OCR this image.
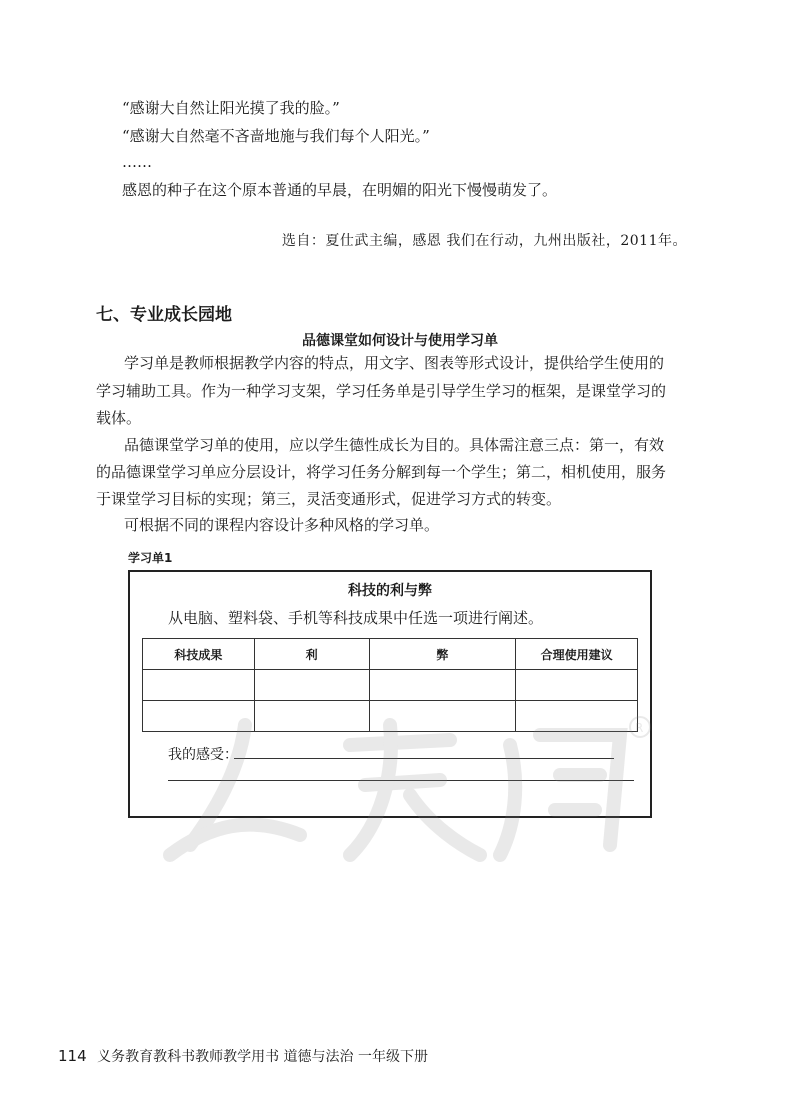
“感谢大自然让阳光摸了我的脸。”
“感谢大自然毫不吝啬地施与我们每个人阳光。”
……
感恩的种子在这个原本普通的早晨，在明媚的阳光下慢慢萌发了。
选自：夏仕武主编，感恩 我们在行动，九州出版社，2011年。
七、专业成长园地
品德课堂如何设计与使用学习单
学习单是教师根据教学内容的特点，用文字、图表等形式设计，提供给学生使用的
学习辅助工具。作为一种学习支架，学习任务单是引导学生学习的框架，是课堂学习的
载体。
品德课堂学习单的使用，应以学生德性成长为目的。具体需注意三点：第一，有效
的品德课堂学习单应分层设计，将学习任务分解到每一个学生；第二，相机使用，服务
于课堂学习目标的实现；第三，灵活变通形式，促进学习方式的转变。
可根据不同的课程内容设计多种风格的学习单。
学习单1
科技的利与弊
从电脑、塑料袋、手机等科技成果中任选一项进行阐述。
科技成果	利	弊	合理使用建议

我的感受：
R
114 义务教育教科书教师教学用书 道德与法治 一年级下册
